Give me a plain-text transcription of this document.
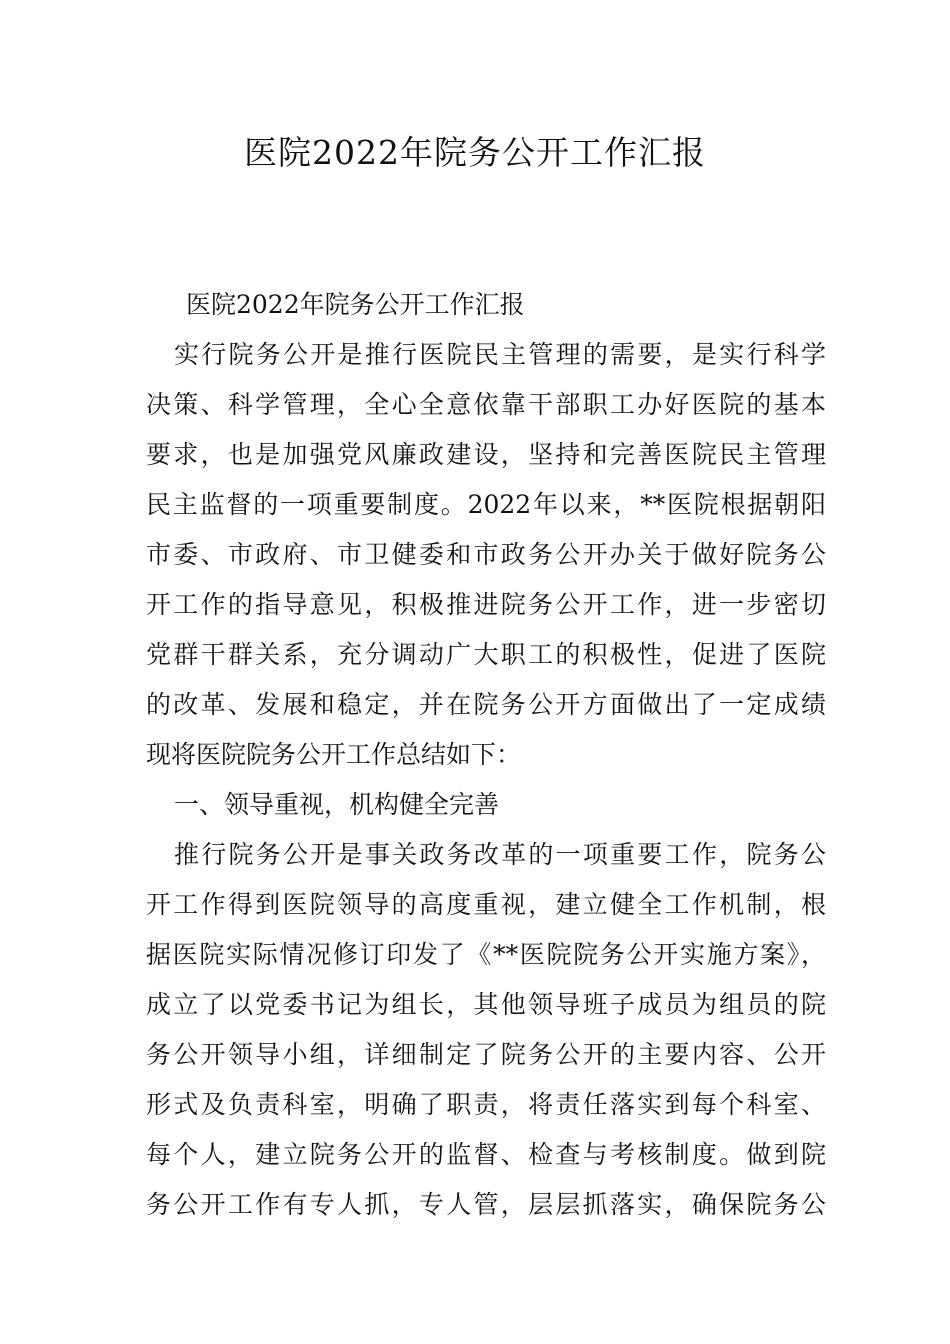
医院2022年院务公开工作汇报
医院2022年院务公开工作汇报
实行院务公开是推行医院民主管理的需要，是实行科学
决策、科学管理，全心全意依靠干部职工办好医院的基本
要求，也是加强党风廉政建设，坚持和完善医院民主管理
民主监督的一项重要制度。2022年以来，**医院根据朝阳
市委、市政府、市卫健委和市政务公开办关于做好院务公
开工作的指导意见，积极推进院务公开工作，进一步密切
党群干群关系，充分调动广大职工的积极性，促进了医院
的改革、发展和稳定，并在院务公开方面做出了一定成绩
现将医院院务公开工作总结如下：
一、领导重视，机构健全完善
推行院务公开是事关政务改革的一项重要工作，院务公
开工作得到医院领导的高度重视，建立健全工作机制，根
据医院实际情况修订印发了《**医院院务公开实施方案》，
成立了以党委书记为组长，其他领导班子成员为组员的院
务公开领导小组，详细制定了院务公开的主要内容、公开
形式及负责科室，明确了职责，将责任落实到每个科室、
每个人，建立院务公开的监督、检查与考核制度。做到院
务公开工作有专人抓，专人管，层层抓落实，确保院务公
